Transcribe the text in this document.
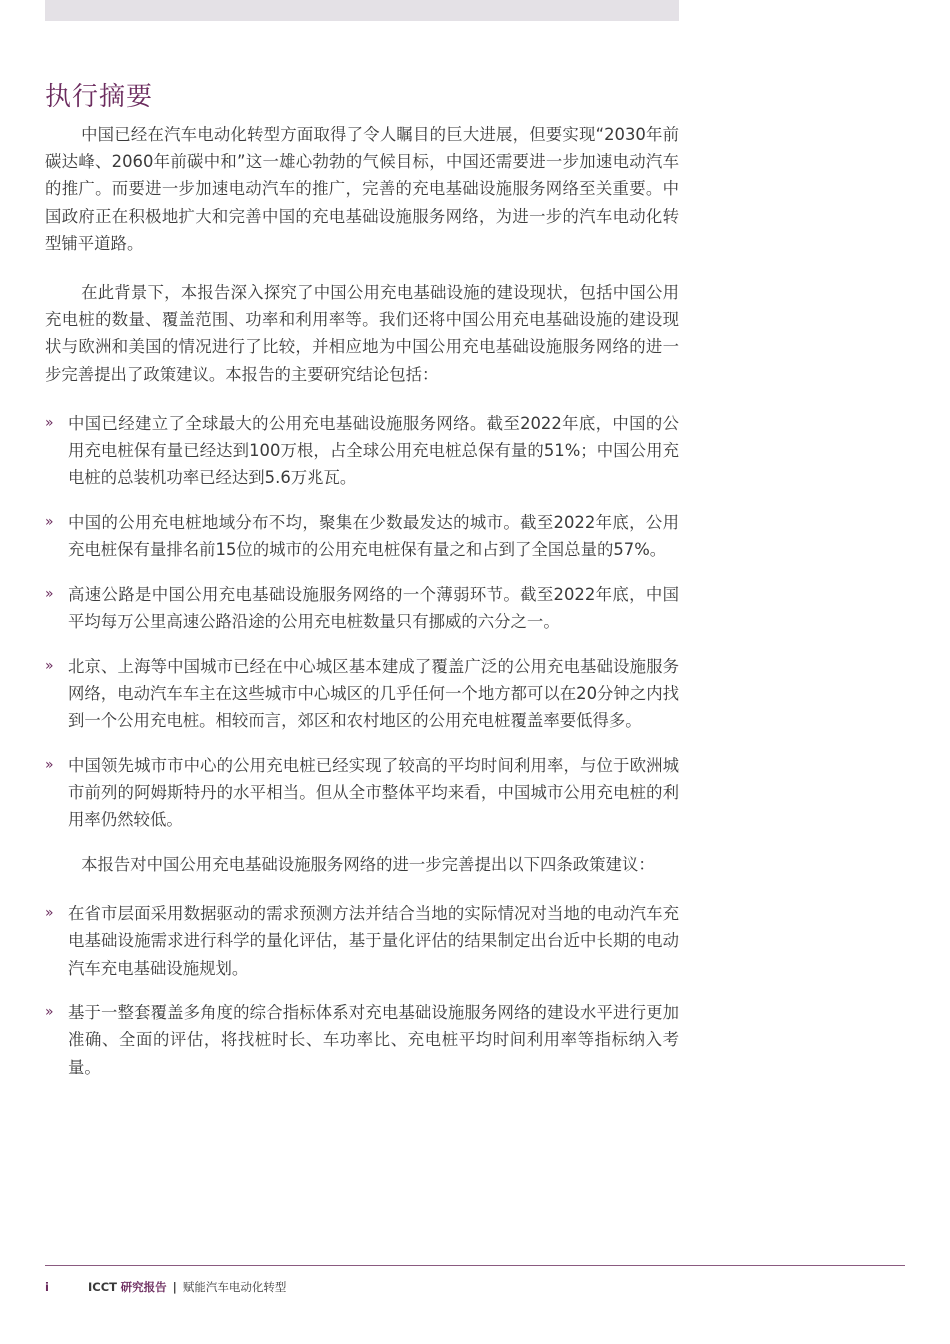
执行摘要

中国已经在汽车电动化转型方面取得了令人瞩目的巨大进展，但要实现“2030年前碳达峰、2060年前碳中和”这一雄心勃勃的气候目标，中国还需要进一步加速电动汽车的推广。而要进一步加速电动汽车的推广，完善的充电基础设施服务网络至关重要。中国政府正在积极地扩大和完善中国的充电基础设施服务网络，为进一步的汽车电动化转型铺平道路。

在此背景下，本报告深入探究了中国公用充电基础设施的建设现状，包括中国公用充电桩的数量、覆盖范围、功率和利用率等。我们还将中国公用充电基础设施的建设现状与欧洲和美国的情况进行了比较，并相应地为中国公用充电基础设施服务网络的进一步完善提出了政策建议。本报告的主要研究结论包括：

» 中国已经建立了全球最大的公用充电基础设施服务网络。截至2022年底，中国的公用充电桩保有量已经达到100万根，占全球公用充电桩总保有量的51%；中国公用充电桩的总装机功率已经达到5.6万兆瓦。
» 中国的公用充电桩地域分布不均，聚集在少数最发达的城市。截至2022年底，公用充电桩保有量排名前15位的城市的公用充电桩保有量之和占到了全国总量的57%。
» 高速公路是中国公用充电基础设施服务网络的一个薄弱环节。截至2022年底，中国平均每万公里高速公路沿途的公用充电桩数量只有挪威的六分之一。
» 北京、上海等中国城市已经在中心城区基本建成了覆盖广泛的公用充电基础设施服务网络，电动汽车车主在这些城市中心城区的几乎任何一个地方都可以在20分钟之内找到一个公用充电桩。相较而言，郊区和农村地区的公用充电桩覆盖率要低得多。
» 中国领先城市市中心的公用充电桩已经实现了较高的平均时间利用率，与位于欧洲城市前列的阿姆斯特丹的水平相当。但从全市整体平均来看，中国城市公用充电桩的利用率仍然较低。

本报告对中国公用充电基础设施服务网络的进一步完善提出以下四条政策建议：

» 在省市层面采用数据驱动的需求预测方法并结合当地的实际情况对当地的电动汽车充电基础设施需求进行科学的量化评估，基于量化评估的结果制定出台近中长期的电动汽车充电基础设施规划。
» 基于一整套覆盖多角度的综合指标体系对充电基础设施服务网络的建设水平进行更加准确、全面的评估，将找桩时长、车功率比、充电桩平均时间利用率等指标纳入考量。
i	ICCT 研究报告 | 赋能汽车电动化转型
